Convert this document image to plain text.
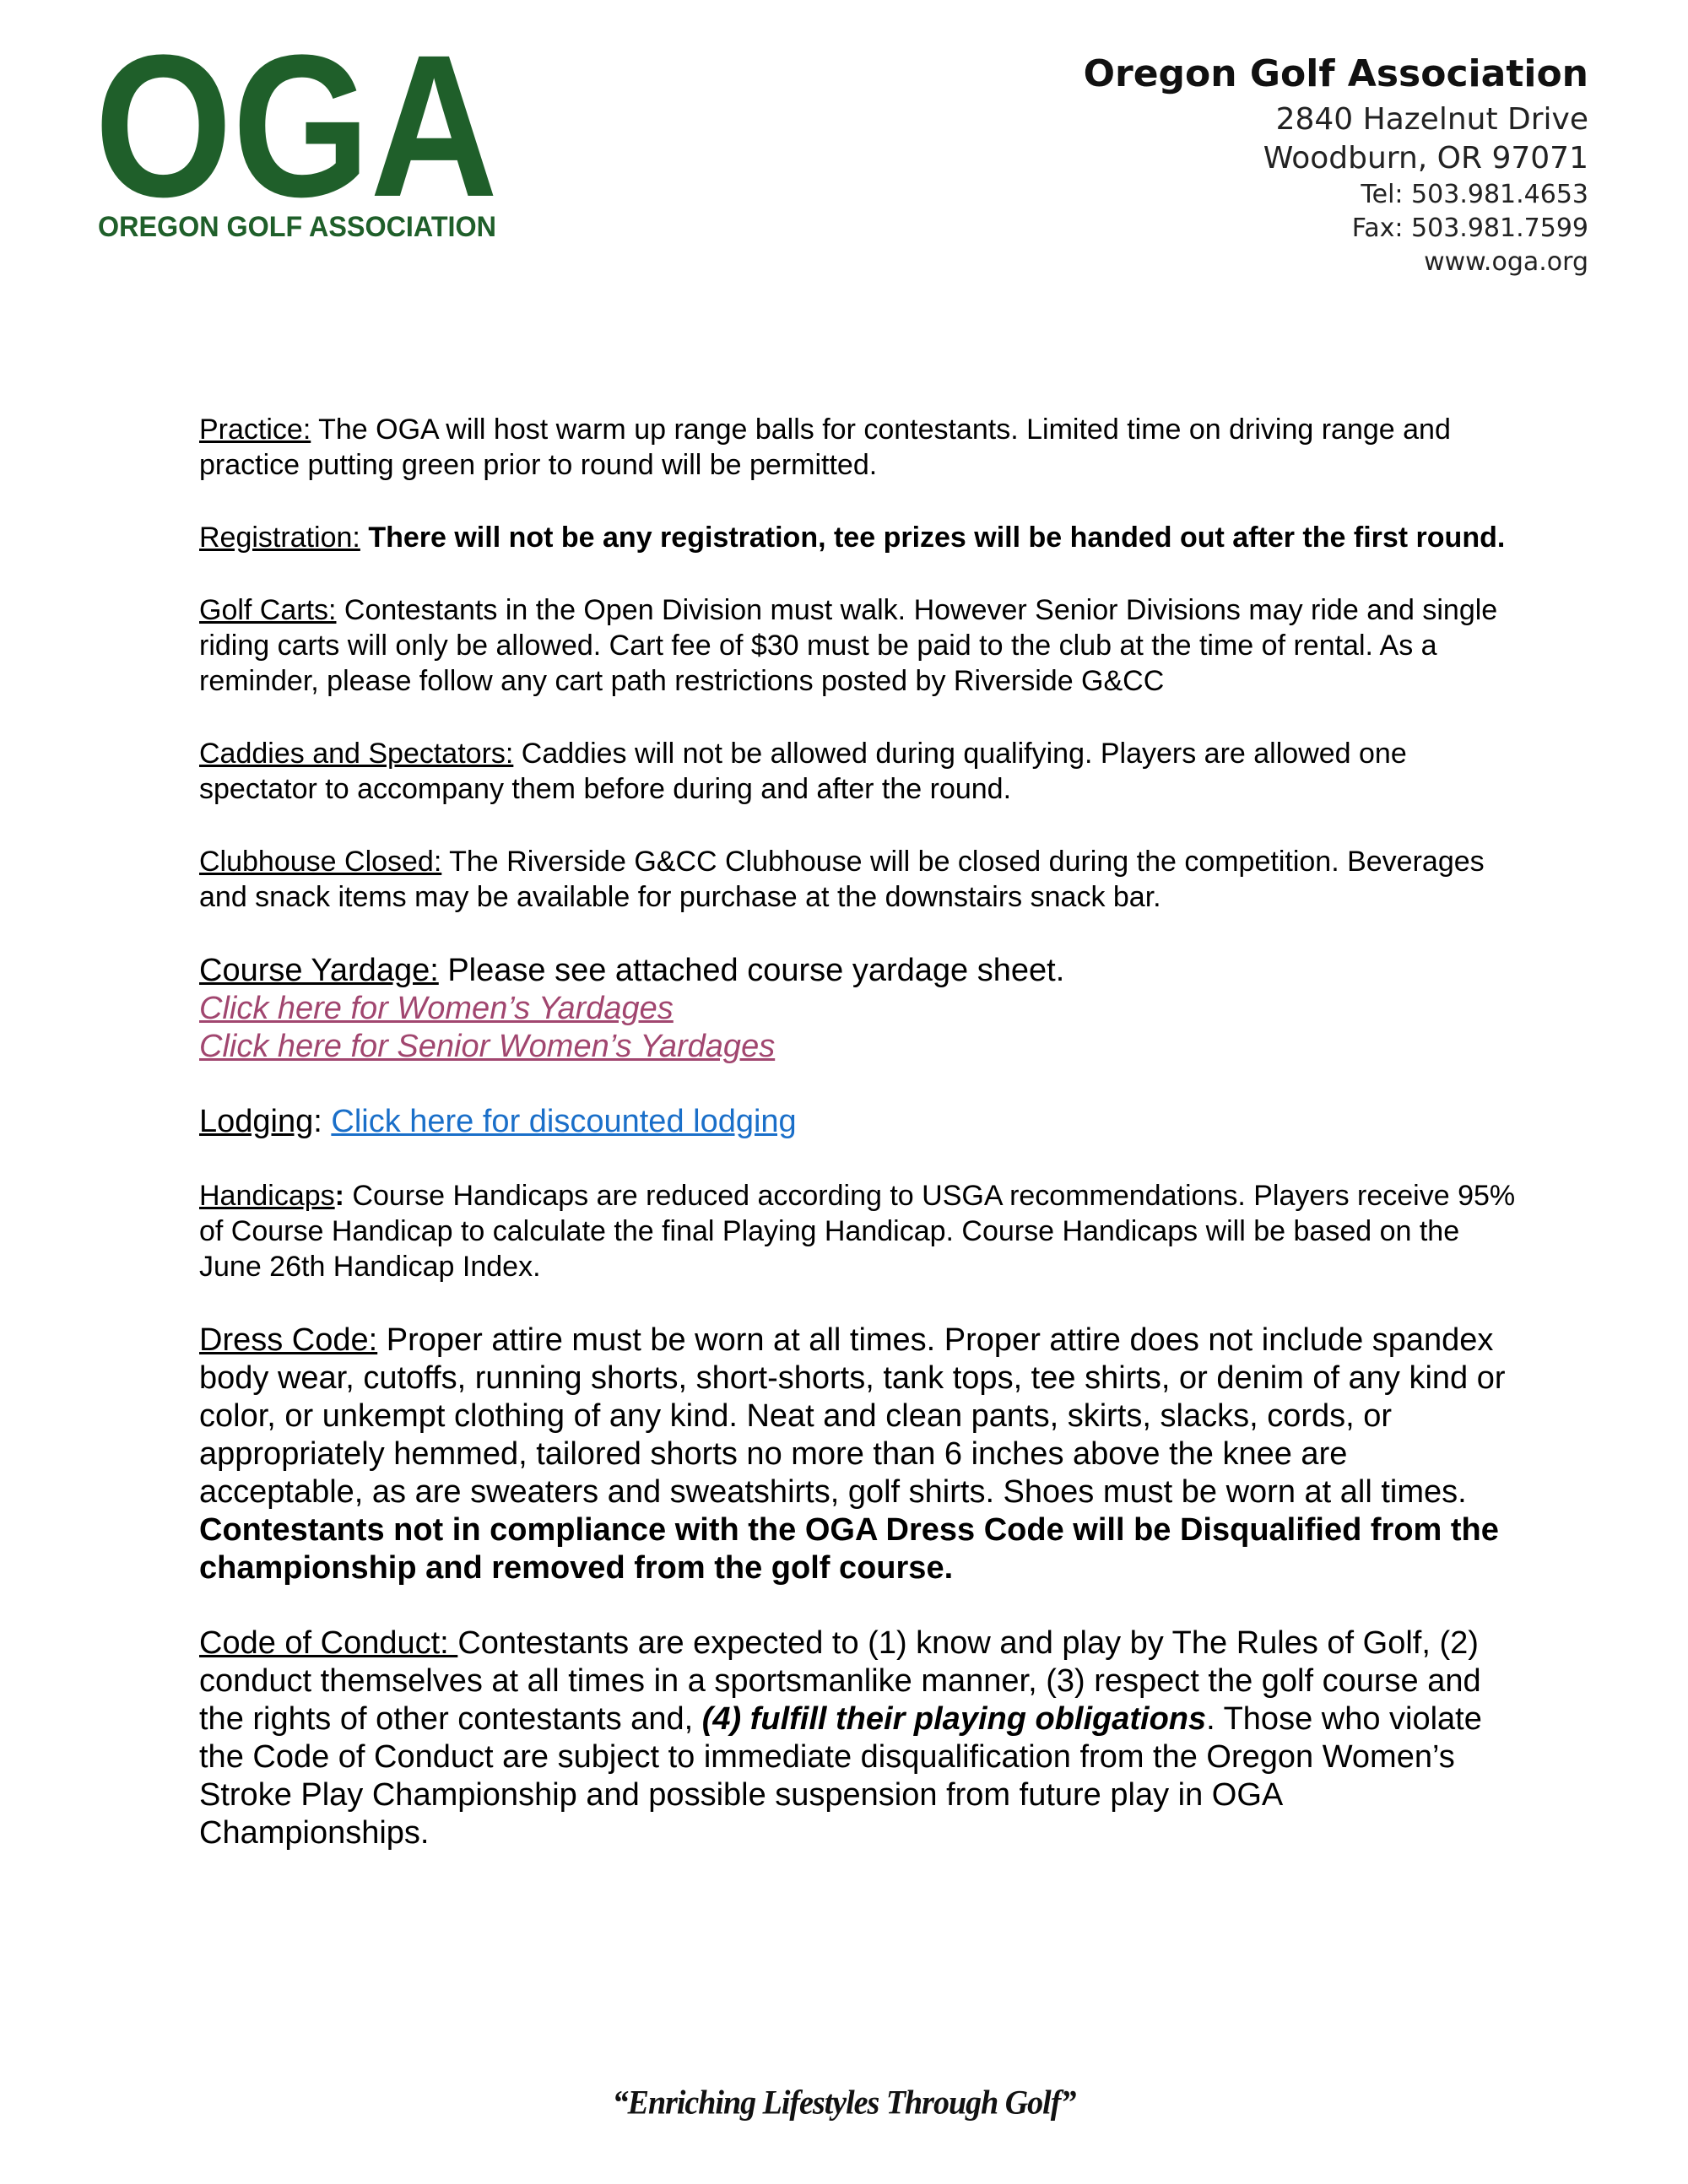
OGA
OREGON GOLF ASSOCIATION
Oregon Golf Association
2840 Hazelnut Drive
Woodburn, OR 97071
Tel: 503.981.4653
Fax: 503.981.7599
www.oga.org

Practice: The OGA will host warm up range balls for contestants. Limited time on driving range and practice putting green prior to round will be permitted.

Registration: There will not be any registration, tee prizes will be handed out after the first round.

Golf Carts: Contestants in the Open Division must walk. However Senior Divisions may ride and single riding carts will only be allowed. Cart fee of $30 must be paid to the club at the time of rental. As a reminder, please follow any cart path restrictions posted by Riverside G&CC

Caddies and Spectators: Caddies will not be allowed during qualifying. Players are allowed one spectator to accompany them before during and after the round.

Clubhouse Closed: The Riverside G&CC Clubhouse will be closed during the competition. Beverages and snack items may be available for purchase at the downstairs snack bar.

Course Yardage: Please see attached course yardage sheet.
Click here for Women’s Yardages
Click here for Senior Women’s Yardages

Lodging: Click here for discounted lodging

Handicaps: Course Handicaps are reduced according to USGA recommendations. Players receive 95% of Course Handicap to calculate the final Playing Handicap. Course Handicaps will be based on the June 26th Handicap Index.

Dress Code: Proper attire must be worn at all times. Proper attire does not include spandex body wear, cutoffs, running shorts, short-shorts, tank tops, tee shirts, or denim of any kind or color, or unkempt clothing of any kind. Neat and clean pants, skirts, slacks, cords, or appropriately hemmed, tailored shorts no more than 6 inches above the knee are acceptable, as are sweaters and sweatshirts, golf shirts. Shoes must be worn at all times. Contestants not in compliance with the OGA Dress Code will be Disqualified from the championship and removed from the golf course.

Code of Conduct: Contestants are expected to (1) know and play by The Rules of Golf, (2) conduct themselves at all times in a sportsmanlike manner, (3) respect the golf course and the rights of other contestants and, (4) fulfill their playing obligations. Those who violate the Code of Conduct are subject to immediate disqualification from the Oregon Women’s Stroke Play Championship and possible suspension from future play in OGA Championships.

“Enriching Lifestyles Through Golf”
